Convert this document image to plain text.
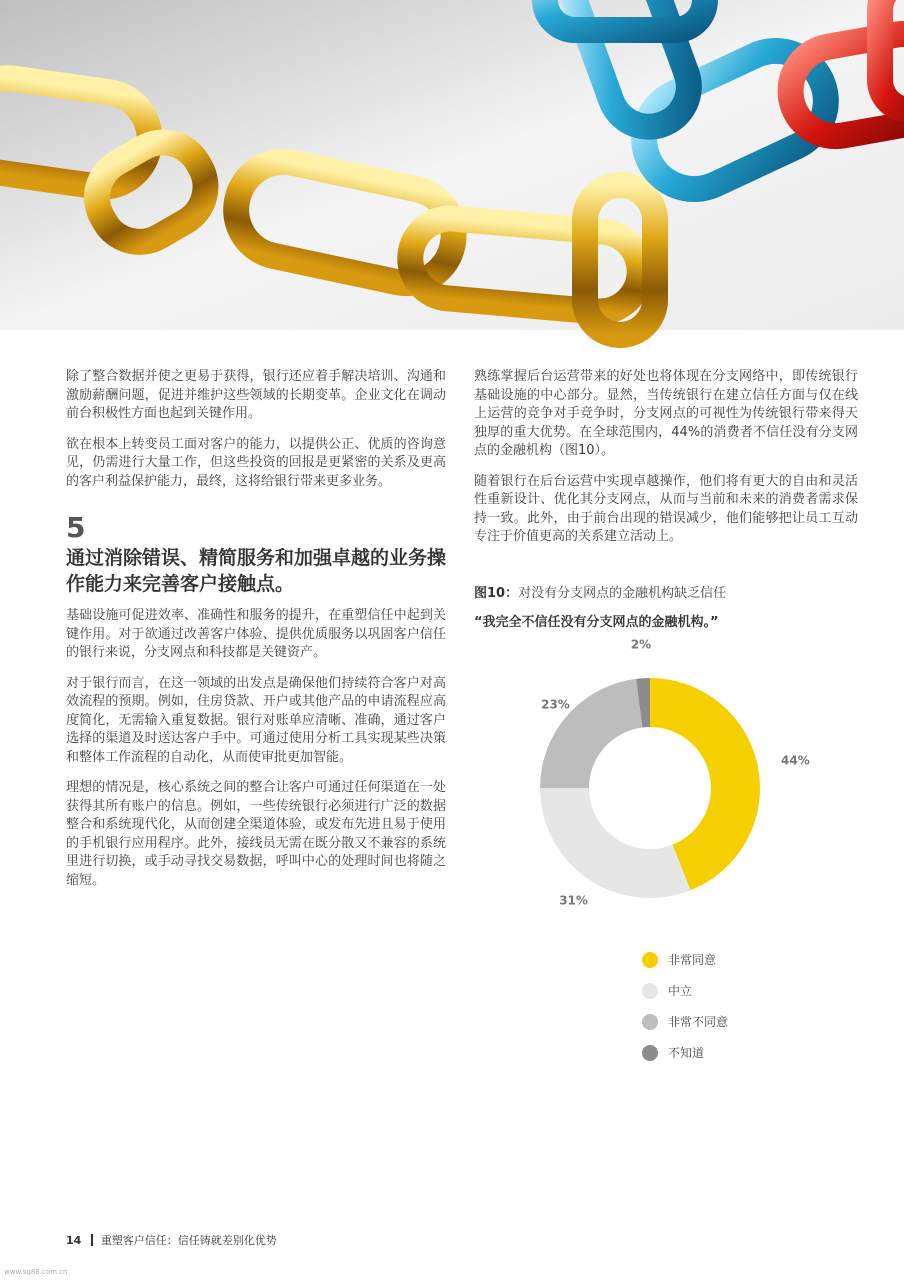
除了整合数据并使之更易于获得，银行还应着手解决培训、沟通和激励薪酬问题，促进并维护这些领域的长期变革。企业文化在调动前台积极性方面也起到关键作用。

欲在根本上转变员工面对客户的能力，以提供公正、优质的咨询意见，仍需进行大量工作，但这些投资的回报是更紧密的关系及更高的客户利益保护能力，最终，这将给银行带来更多业务。

5
通过消除错误、精简服务和加强卓越的业务操作能力来完善客户接触点。

基础设施可促进效率、准确性和服务的提升，在重塑信任中起到关键作用。对于欲通过改善客户体验、提供优质服务以巩固客户信任的银行来说，分支网点和科技都是关键资产。

对于银行而言，在这一领域的出发点是确保他们持续符合客户对高效流程的预期。例如，住房贷款、开户或其他产品的申请流程应高度简化，无需输入重复数据。银行对账单应清晰、准确，通过客户选择的渠道及时送达客户手中。可通过使用分析工具实现某些决策和整体工作流程的自动化，从而使审批更加智能。

理想的情况是，核心系统之间的整合让客户可通过任何渠道在一处获得其所有账户的信息。例如，一些传统银行必须进行广泛的数据整合和系统现代化，从而创建全渠道体验，或发布先进且易于使用的手机银行应用程序。此外，接线员无需在既分散又不兼容的系统里进行切换，或手动寻找交易数据，呼叫中心的处理时间也将随之缩短。

熟练掌握后台运营带来的好处也将体现在分支网络中，即传统银行基础设施的中心部分。显然，当传统银行在建立信任方面与仅在线上运营的竞争对手竞争时，分支网点的可视性为传统银行带来得天独厚的重大优势。在全球范围内，44%的消费者不信任没有分支网点的金融机构（图10）。

随着银行在后台运营中实现卓越操作，他们将有更大的自由和灵活性重新设计、优化其分支网点，从而与当前和未来的消费者需求保持一致。此外，由于前台出现的错误减少，他们能够把让员工互动专注于价值更高的关系建立活动上。

图10：对没有分支网点的金融机构缺乏信任

“我完全不信任没有分支网点的金融机构。”

44%
31%
23%
2%
非常同意
中立
非常不同意
不知道
14 重塑客户信任：信任铸就差别化优势
www.sq88.com.cn
